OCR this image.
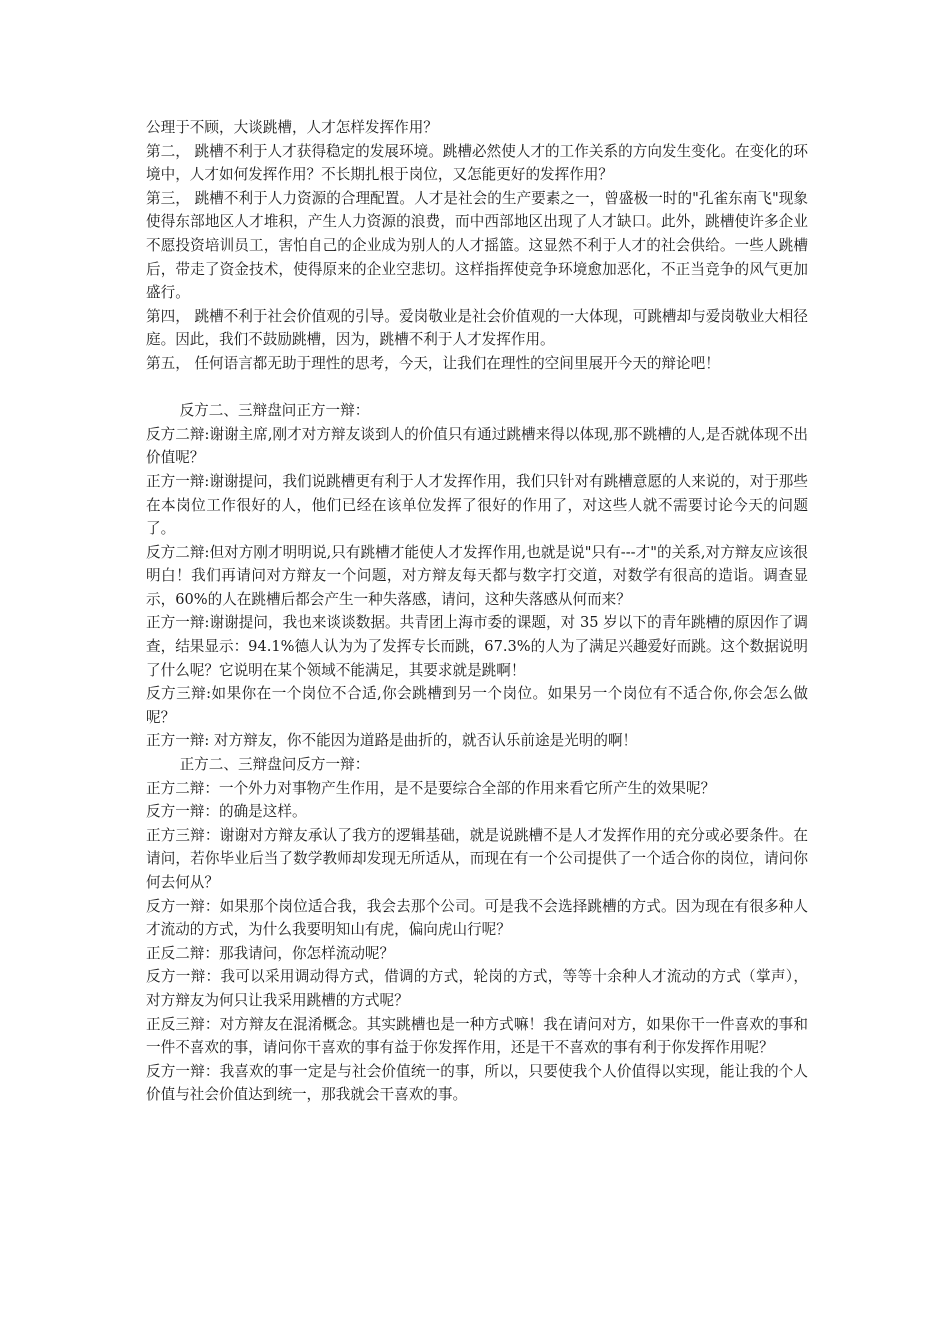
公理于不顾，大谈跳槽，人才怎样发挥作用？

第二， 跳槽不利于人才获得稳定的发展环境。跳槽必然使人才的工作关系的方向发生变化。在变化的环境中，人才如何发挥作用？不长期扎根于岗位，又怎能更好的发挥作用？

第三， 跳槽不利于人力资源的合理配置。人才是社会的生产要素之一，曾盛极一时的"孔雀东南飞"现象使得东部地区人才堆积，产生人力资源的浪费，而中西部地区出现了人才缺口。此外，跳槽使许多企业不愿投资培训员工，害怕自己的企业成为别人的人才摇篮。这显然不利于人才的社会供给。一些人跳槽后，带走了资金技术，使得原来的企业空悲切。这样指挥使竞争环境愈加恶化，不正当竞争的风气更加盛行。

第四， 跳槽不利于社会价值观的引导。爱岗敬业是社会价值观的一大体现，可跳槽却与爱岗敬业大相径庭。因此，我们不鼓励跳槽，因为，跳槽不利于人才发挥作用。

第五， 任何语言都无助于理性的思考，今天，让我们在理性的空间里展开今天的辩论吧！

反方二、三辩盘问正方一辩：

反方二辩:谢谢主席,刚才对方辩友谈到人的价值只有通过跳槽来得以体现,那不跳槽的人,是否就体现不出价值呢？

正方一辩:谢谢提问，我们说跳槽更有利于人才发挥作用，我们只针对有跳槽意愿的人来说的，对于那些在本岗位工作很好的人，他们已经在该单位发挥了很好的作用了，对这些人就不需要讨论今天的问题了。

反方二辩:但对方刚才明明说,只有跳槽才能使人才发挥作用,也就是说"只有---才"的关系,对方辩友应该很明白！我们再请问对方辩友一个问题，对方辩友每天都与数字打交道，对数学有很高的造诣。调查显示，60%的人在跳槽后都会产生一种失落感，请问，这种失落感从何而来？

正方一辩:谢谢提问，我也来谈谈数据。共青团上海市委的课题，对 35 岁以下的青年跳槽的原因作了调查，结果显示：94.1%德人认为为了发挥专长而跳，67.3%的人为了满足兴趣爱好而跳。这个数据说明了什么呢？它说明在某个领域不能满足，其要求就是跳啊！

反方三辩:如果你在一个岗位不合适,你会跳槽到另一个岗位。如果另一个岗位有不适合你,你会怎么做呢？

正方一辩: 对方辩友，你不能因为道路是曲折的，就否认乐前途是光明的啊！

正方二、三辩盘问反方一辩：

正方二辩：一个外力对事物产生作用，是不是要综合全部的作用来看它所产生的效果呢？

反方一辩：的确是这样。

正方三辩：谢谢对方辩友承认了我方的逻辑基础，就是说跳槽不是人才发挥作用的充分或必要条件。在请问，若你毕业后当了数学教师却发现无所适从，而现在有一个公司提供了一个适合你的岗位，请问你何去何从？

反方一辩：如果那个岗位适合我，我会去那个公司。可是我不会选择跳槽的方式。因为现在有很多种人才流动的方式，为什么我要明知山有虎，偏向虎山行呢？

正反二辩：那我请问，你怎样流动呢？

反方一辩：我可以采用调动得方式，借调的方式，轮岗的方式，等等十余种人才流动的方式（掌声），对方辩友为何只让我采用跳槽的方式呢？

正反三辩：对方辩友在混淆概念。其实跳槽也是一种方式嘛！我在请问对方，如果你干一件喜欢的事和一件不喜欢的事，请问你干喜欢的事有益于你发挥作用，还是干不喜欢的事有利于你发挥作用呢？

反方一辩：我喜欢的事一定是与社会价值统一的事，所以，只要使我个人价值得以实现，能让我的个人价值与社会价值达到统一，那我就会干喜欢的事。
